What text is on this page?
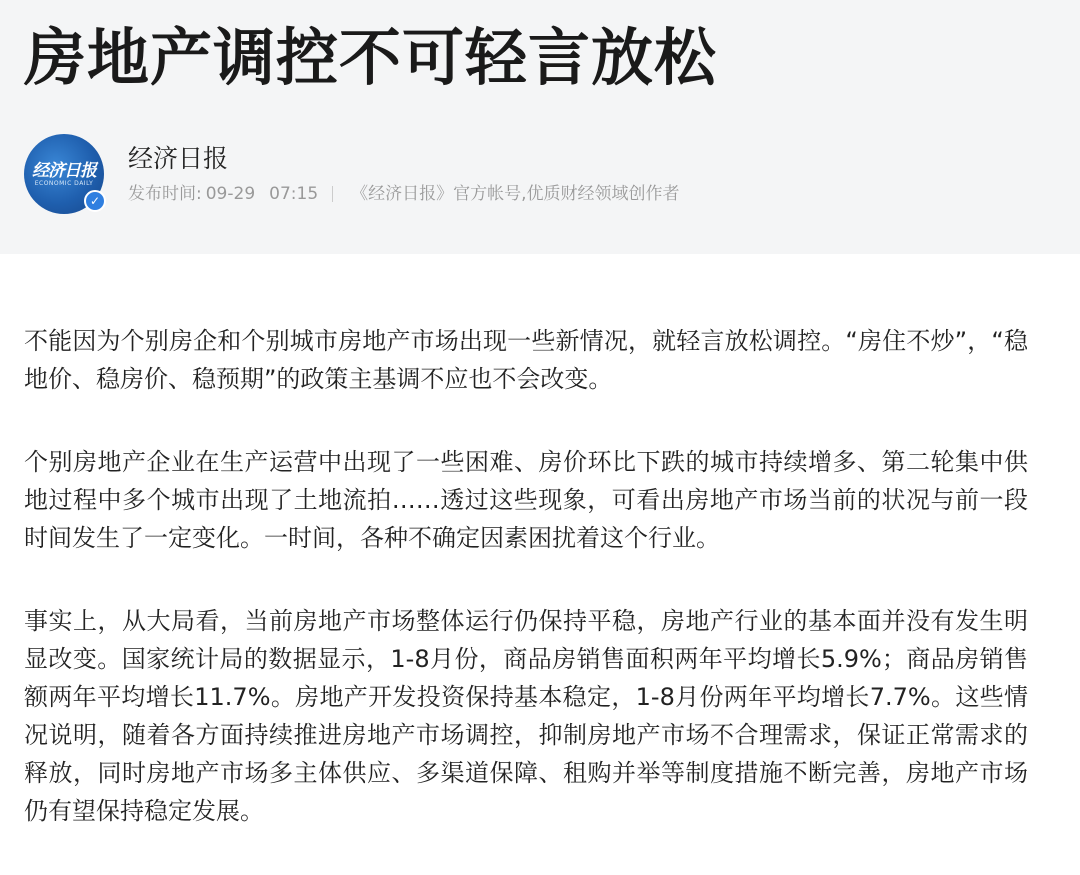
房地产调控不可轻言放松
经济日报
ECONOMIC DAILY
✓
经济日报
发布时间: 09-29 07:15 《经济日报》官方帐号,优质财经领域创作者

不能因为个别房企和个别城市房地产市场出现一些新情况，就轻言放松调控。“房住不炒”，“稳地价、稳房价、稳预期”的政策主基调不应也不会改变。

个别房地产企业在生产运营中出现了一些困难、房价环比下跌的城市持续增多、第二轮集中供地过程中多个城市出现了土地流拍……透过这些现象，可看出房地产市场当前的状况与前一段时间发生了一定变化。一时间，各种不确定因素困扰着这个行业。

事实上，从大局看，当前房地产市场整体运行仍保持平稳，房地产行业的基本面并没有发生明显改变。国家统计局的数据显示，1-8月份，商品房销售面积两年平均增长5.9%；商品房销售额两年平均增长11.7%。房地产开发投资保持基本稳定，1-8月份两年平均增长7.7%。这些情况说明，随着各方面持续推进房地产市场调控，抑制房地产市场不合理需求，保证正常需求的释放，同时房地产市场多主体供应、多渠道保障、租购并举等制度措施不断完善，房地产市场仍有望保持稳定发展。
